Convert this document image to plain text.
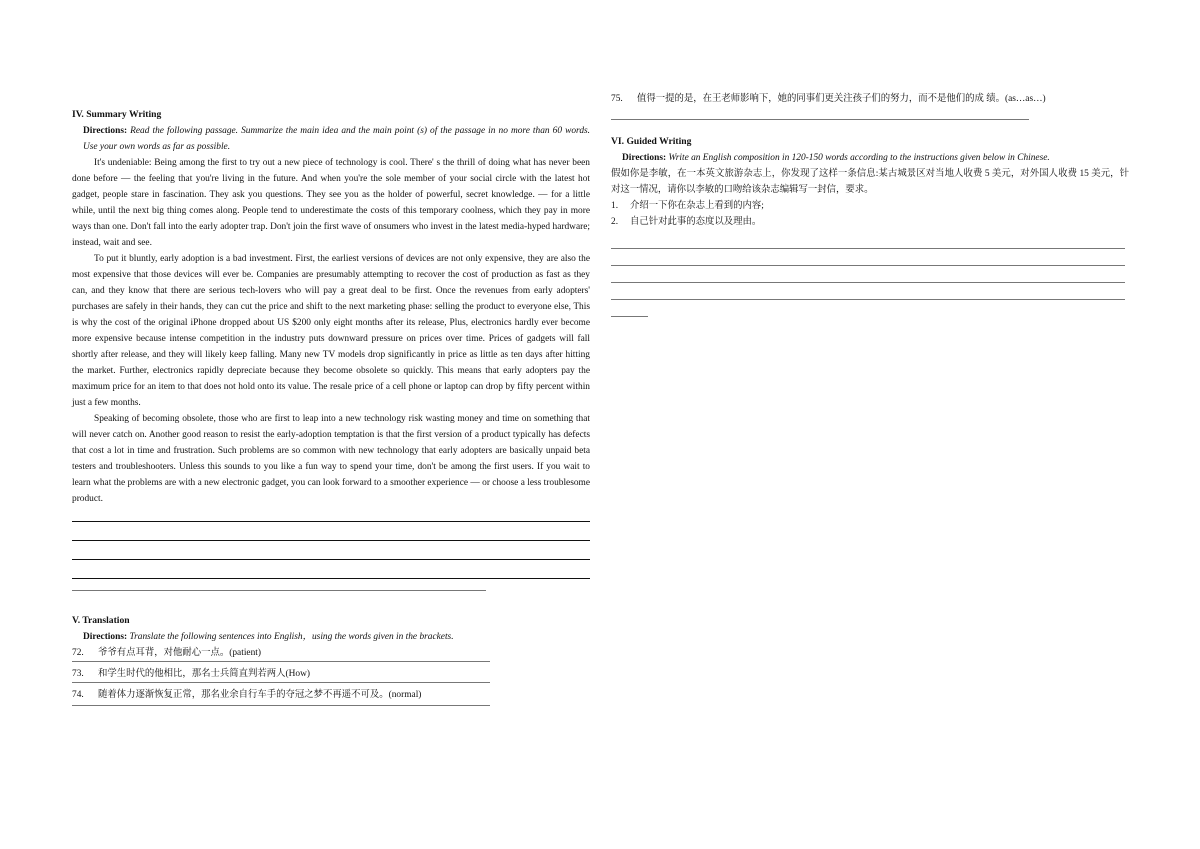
IV. Summary Writing
Directions: Read the following passage. Summarize the main idea and the main point (s) of the passage in no more than 60 words. Use your own words as far as possible.
It's undeniable: Being among the first to try out a new piece of technology is cool. There' s the thrill of doing what has never been done before — the feeling that you're living in the future. And when you're the sole member of your social circle with the latest hot gadget, people stare in fascination. They ask you questions. They see you as the holder of powerful, secret knowledge. — for a little while, until the next big thing comes along. People tend to underestimate the costs of this temporary coolness, which they pay in more ways than one. Don't fall into the early adopter trap. Don't join the first wave of onsumers who invest in the latest media-hyped hardware; instead, wait and see.
To put it bluntly, early adoption is a bad investment. First, the earliest versions of devices are not only expensive, they are also the most expensive that those devices will ever be. Companies are presumably attempting to recover the cost of production as fast as they can, and they know that there are serious tech-lovers who will pay a great deal to be first. Once the revenues from early adopters' purchases are safely in their hands, they can cut the price and shift to the next marketing phase: selling the product to everyone else, This is why the cost of the original iPhone dropped about US $200 only eight months after its release, Plus, electronics hardly ever become more expensive because intense competition in the industry puts downward pressure on prices over time. Prices of gadgets will fall shortly after release, and they will likely keep falling. Many new TV models drop significantly in price as little as ten days after hitting the market. Further, electronics rapidly depreciate because they become obsolete so quickly. This means that early adopters pay the maximum price for an item to that does not hold onto its value. The resale price of a cell phone or laptop can drop by fifty percent within just a few months.
Speaking of becoming obsolete, those who are first to leap into a new technology risk wasting money and time on something that will never catch on. Another good reason to resist the early-adoption temptation is that the first version of a product typically has defects that cost a lot in time and frustration. Such problems are so common with new technology that early adopters are basically unpaid beta testers and troubleshooters. Unless this sounds to you like a fun way to spend your time, don't be among the first users. If you wait to learn what the problems are with a new electronic gadget, you can look forward to a smoother experience — or choose a less troublesome product.
V. Translation
Directions: Translate the following sentences into English，using the words given in the brackets.
72. 爷爷有点耳背，对他耐心一点。(patient)
73. 和学生时代的他相比，那名士兵简直判若两人(How)
74. 随着体力逐渐恢复正常，那名业余自行车手的夺冠之梦不再遥不可及。(normal)
75. 值得一提的是，在王老师影响下，她的同事们更关注孩子们的努力，而不是他们的成 绩。(as…as…)
VI. Guided Writing
Directions: Write an English composition in 120-150 words according to the instructions given below in Chinese.
假如你是李敏，在一本英文旅游杂志上，你发现了这样一条信息:某古城景区对当地人收费 5 美元，对外国人收费 15 美元，针对这一情况，请你以李敏的口吻给该杂志编辑写一封信，要求。
1. 介绍一下你在杂志上看到的内容;
2. 自己针对此事的态度以及理由。
